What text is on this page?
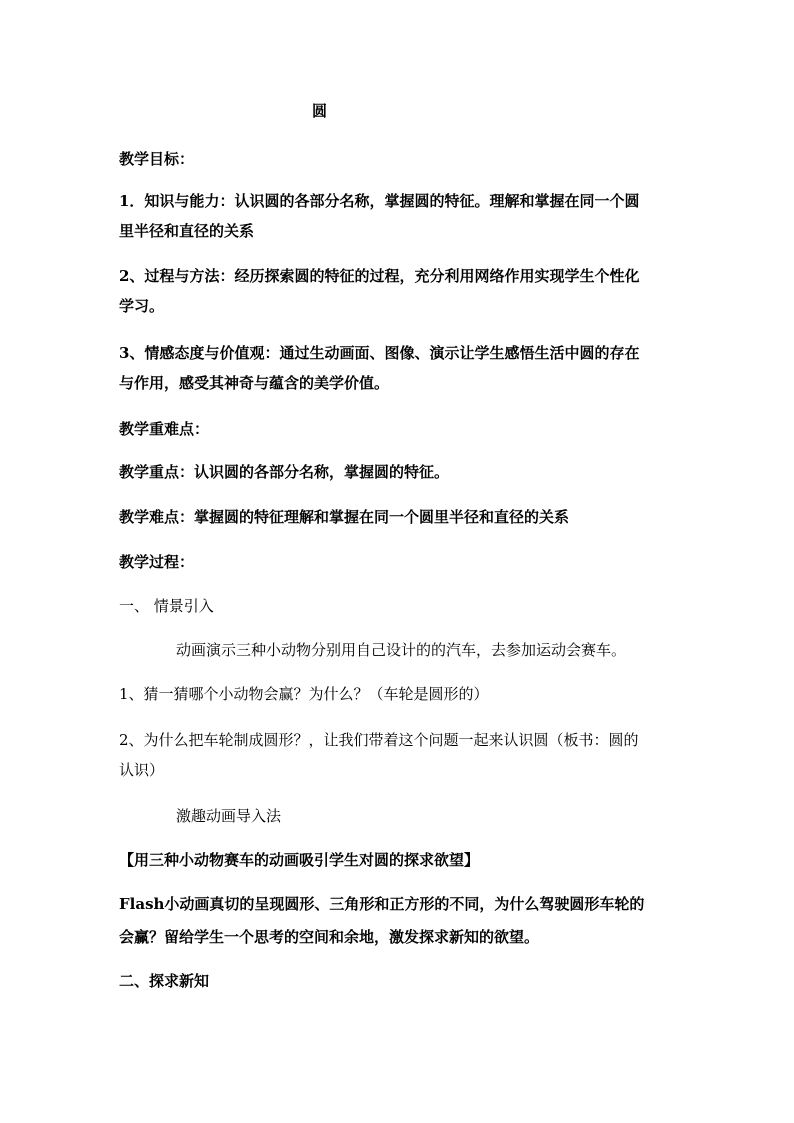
圆
教学目标：
1．知识与能力：认识圆的各部分名称，掌握圆的特征。理解和掌握在同一个圆
里半径和直径的关系
2、过程与方法：经历探索圆的特征的过程，充分利用网络作用实现学生个性化
学习。
3、情感态度与价值观：通过生动画面、图像、演示让学生感悟生活中圆的存在
与作用，感受其神奇与蕴含的美学价值。
教学重难点：
教学重点：认识圆的各部分名称，掌握圆的特征。
教学难点：掌握圆的特征理解和掌握在同一个圆里半径和直径的关系
教学过程：
一、 情景引入
动画演示三种小动物分别用自己设计的的汽车，去参加运动会赛车。
1、猜一猜哪个小动物会赢？为什么？（车轮是圆形的）
2、为什么把车轮制成圆形？，让我们带着这个问题一起来认识圆（板书：圆的
认识）
激趣动画导入法
【用三种小动物赛车的动画吸引学生对圆的探求欲望】
Flash小动画真切的呈现圆形、三角形和正方形的不同，为什么驾驶圆形车轮的
会赢？留给学生一个思考的空间和余地，激发探求新知的欲望。
二、探求新知
